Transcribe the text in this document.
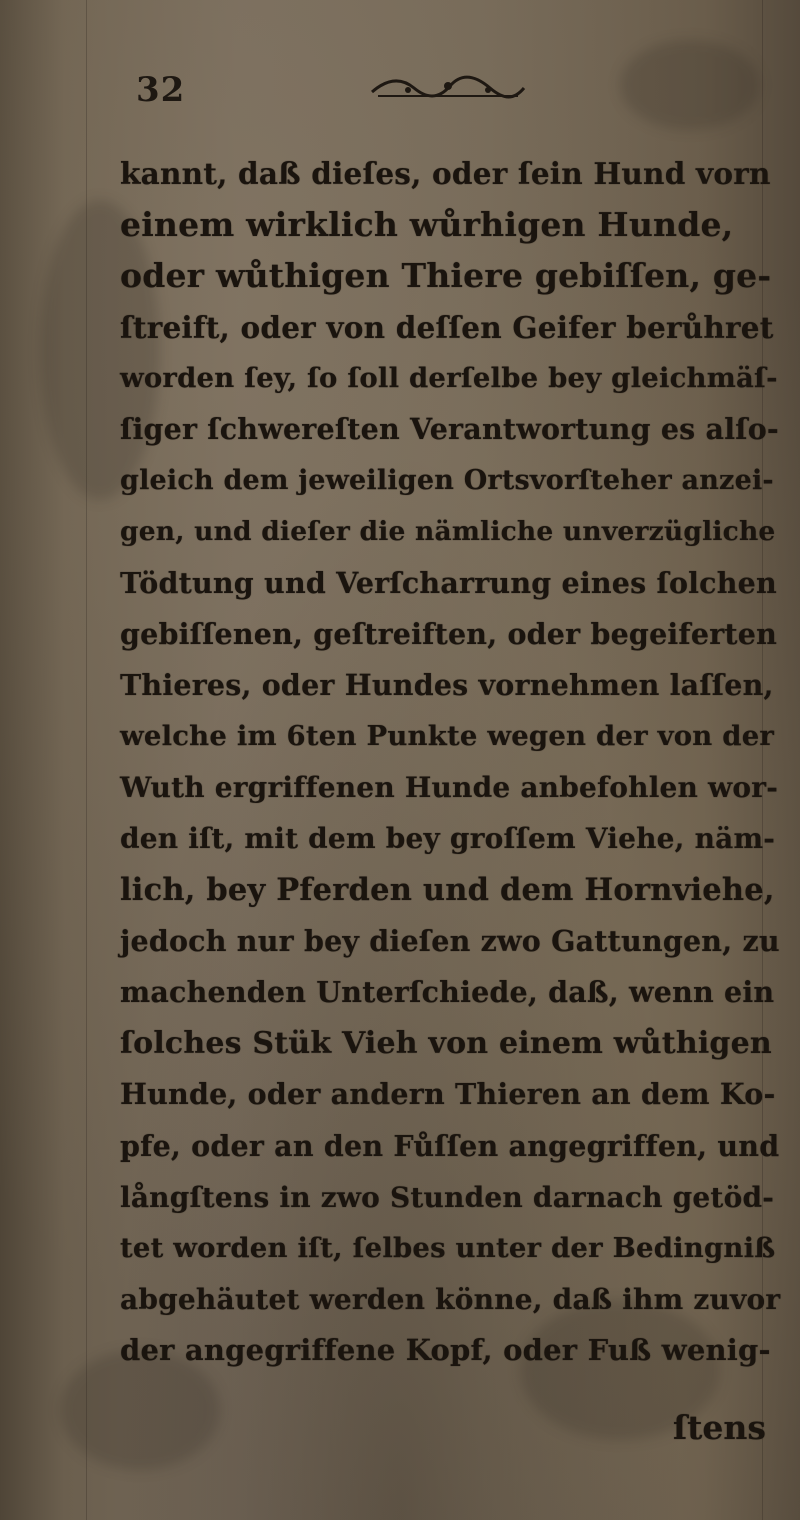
32
kannt, daß dieſes, oder ſein Hund vorn
einem wirklich wůrhigen Hunde,
oder wůthigen Thiere gebiſſen, ge-
ſtreift, oder von deſſen Geifer berůhret
worden ſey, ſo ſoll derſelbe bey gleichmäſ-
ſiger ſchwereſten Verantwortung es alſo-
gleich dem jeweiligen Ortsvorſteher anzei-
gen, und dieſer die nämliche unverzügliche
Tödtung und Verſcharrung eines ſolchen
gebiſſenen, geſtreiften, oder begeiferten
Thieres, oder Hundes vornehmen laſſen,
welche im 6ten Punkte wegen der von der
Wuth ergriffenen Hunde anbefohlen wor-
den iſt, mit dem bey groſſem Viehe, näm-
lich, bey Pferden und dem Hornviehe,
jedoch nur bey dieſen zwo Gattungen, zu
machenden Unterſchiede, daß, wenn ein
ſolches Stük Vieh von einem wůthigen
Hunde, oder andern Thieren an dem Ko-
pfe, oder an den Fůſſen angegriffen, und
långſtens in zwo Stunden darnach getöd-
tet worden iſt, ſelbes unter der Bedingniß
abgehäutet werden könne, daß ihm zuvor
der angegriffene Kopf, oder Fuß wenig-
ſtens
